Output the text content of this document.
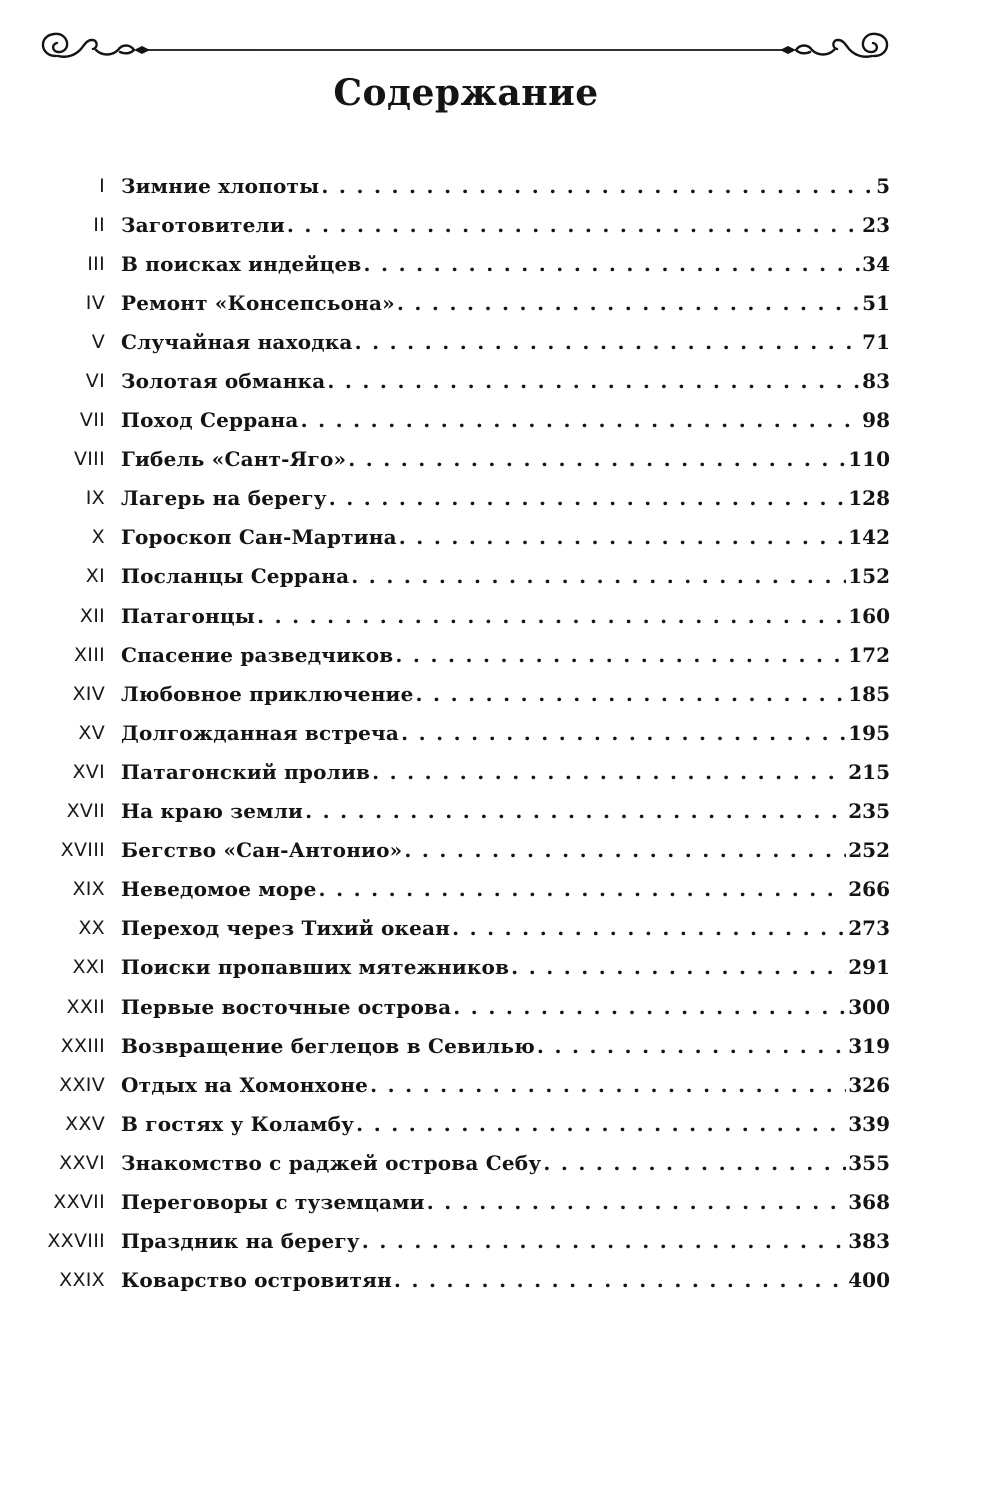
Содержание
I Зимние хлопоты . . .	5
II Заготовители . . .	23
III В поисках индейцев . . .	34
IV Ремонт «Консепсьона» . . .	51
V Случайная находка . . .	71
VI Золотая обманка . . .	83
VII Поход Серрана . . .	98
VIII Гибель «Сант-Яго» . . .	110
IX Лагерь на берегу . . .	128
X Гороскоп Сан-Мартина . . .	142
XI Посланцы Серрана . . .	152
XII Патагонцы . . .	160
XIII Спасение разведчиков . . .	172
XIV Любовное приключение . . .	185
XV Долгожданная встреча . . .	195
XVI Патагонский пролив . . .	215
XVII На краю земли . . .	235
XVIII Бегство «Сан-Антонио» . . .	252
XIX Неведомое море . . .	266
XX Переход через Тихий океан . . .	273
XXI Поиски пропавших мятежников . . .	291
XXII Первые восточные острова . . .	300
XXIII Возвращение беглецов в Севилью . . .	319
XXIV Отдых на Хомонхоне . . .	326
XXV В гостях у Коламбу . . .	339
XXVI Знакомство с раджей острова Себу . . .	355
XXVII Переговоры с туземцами . . .	368
XXVIII Праздник на берегу . . .	383
XXIX Коварство островитян . . .	400
